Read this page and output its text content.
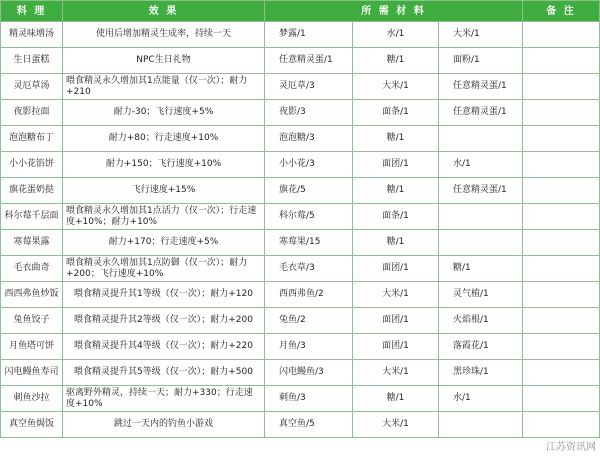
料 理	效 果	所 需 材 料			备 注
精灵味增汤	使用后增加精灵生成率，持续一天	梦露/1	水/1	大米/1	
生日蛋糕	NPC生日礼物	任意精灵蛋/1	糖/1	面粉/1	
灵厄草汤	喂食精灵永久增加其1点能量（仅一次）；耐力+210	灵厄草/3	大米/1	任意精灵蛋/1	
夜影拉面	耐力-30；飞行速度+5%	夜影/3	面条/1	任意精灵蛋/1	
泡泡糖布丁	耐力+80；行走速度+10%	泡泡糖/3	糖/1		
小小花馅饼	耐力+150；飞行速度+10%	小小花/3	面团/1	水/1	
旗花蛋奶挞	飞行速度+15%	旗花/5	糖/1	任意精灵蛋/1	
科尔莓千层面	喂食精灵永久增加其1点活力（仅一次）；行走速度+10%；耐力+10%	科尔莓/5	面条/1		
寒莓果露	耐力+170；行走速度+5%	寒莓果/15	糖/1		
毛衣曲奇	喂食精灵永久增加其1点防御（仅一次）；耐力+200；飞行速度+10%	毛衣草/3	面团/1	糖/1	
西西弗鱼炒饭	喂食精灵提升其1等级（仅一次）；耐力+120	西西弗鱼/2	大米/1	灵气植/1	
兔鱼饺子	喂食精灵提升其2等级（仅一次）；耐力+200	兔鱼/2	面团/1	火焰根/1	
月鱼塔可饼	喂食精灵提升其4等级（仅一次）；耐力+220	月鱼/3	面团/1	落霞花/1	
闪电鳗鱼寿司	喂食精灵提升其5等级（仅一次）；耐力+500	闪电鳗鱼/3	大米/1	黑珍珠/1	
刺鱼沙拉	驱离野外精灵，持续一天；耐力+330；行走速度+10%	刺鱼/3	糖/1	水/1	
真空鱼焗饭	跳过一天内的钓鱼小游戏	真空鱼/5	大米/1		
江苏资讯网
